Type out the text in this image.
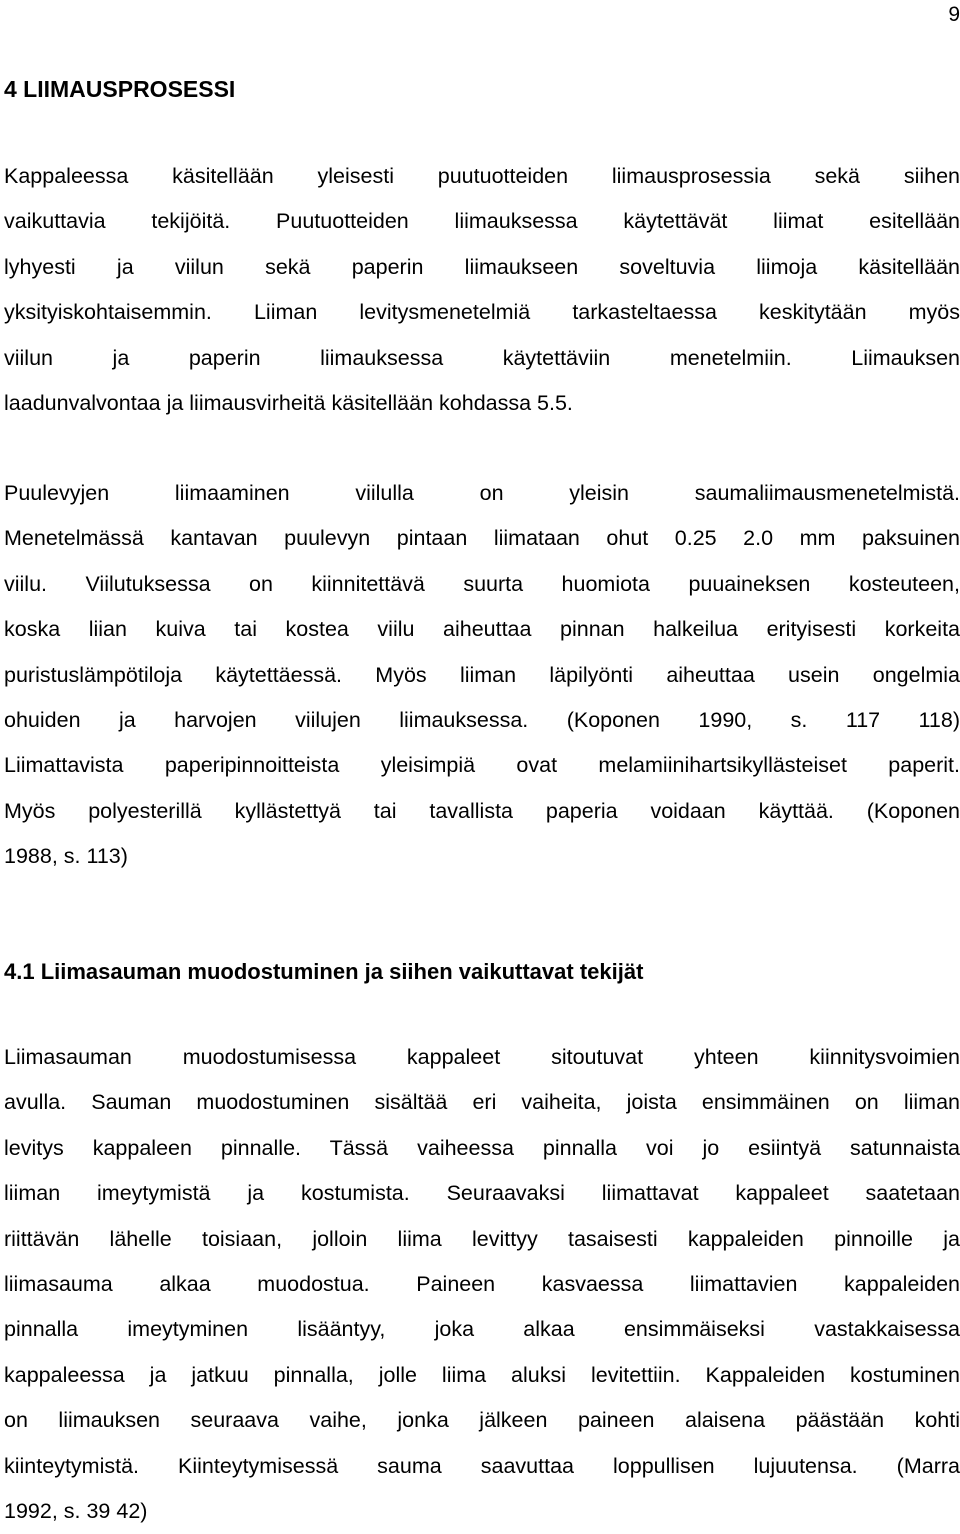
9
4 LIIMAUSPROSESSI

Kappaleessa käsitellään yleisesti puutuotteiden liimausprosessia sekä siihen
vaikuttavia tekijöitä. Puutuotteiden liimauksessa käytettävät liimat esitellään
lyhyesti ja viilun sekä paperin liimaukseen soveltuvia liimoja käsitellään
yksityiskohtaisemmin. Liiman levitysmenetelmiä tarkasteltaessa keskitytään myös
viilun ja paperin liimauksessa käytettäviin menetelmiin. Liimauksen
laadunvalvontaa ja liimausvirheitä käsitellään kohdassa 5.5.

Puulevyjen liimaaminen viilulla on yleisin saumaliimausmenetelmistä.
Menetelmässä kantavan puulevyn pintaan liimataan ohut 0.25 2.0 mm paksuinen
viilu. Viilutuksessa on kiinnitettävä suurta huomiota puuaineksen kosteuteen,
koska liian kuiva tai kostea viilu aiheuttaa pinnan halkeilua erityisesti korkeita
puristuslämpötiloja käytettäessä. Myös liiman läpilyönti aiheuttaa usein ongelmia
ohuiden ja harvojen viilujen liimauksessa. (Koponen 1990, s. 117 118)
Liimattavista paperipinnoitteista yleisimpiä ovat melamiinihartsikyllästeiset paperit.
Myös polyesterillä kyllästettyä tai tavallista paperia voidaan käyttää. (Koponen
1988, s. 113)

4.1 Liimasauman muodostuminen ja siihen vaikuttavat tekijät

Liimasauman muodostumisessa kappaleet sitoutuvat yhteen kiinnitysvoimien
avulla. Sauman muodostuminen sisältää eri vaiheita, joista ensimmäinen on liiman
levitys kappaleen pinnalle. Tässä vaiheessa pinnalla voi jo esiintyä satunnaista
liiman imeytymistä ja kostumista. Seuraavaksi liimattavat kappaleet saatetaan
riittävän lähelle toisiaan, jolloin liima levittyy tasaisesti kappaleiden pinnoille ja
liimasauma alkaa muodostua. Paineen kasvaessa liimattavien kappaleiden
pinnalla imeytyminen lisääntyy, joka alkaa ensimmäiseksi vastakkaisessa
kappaleessa ja jatkuu pinnalla, jolle liima aluksi levitettiin. Kappaleiden kostuminen
on liimauksen seuraava vaihe, jonka jälkeen paineen alaisena päästään kohti
kiinteytymistä. Kiinteytymisessä sauma saavuttaa loppullisen lujuutensa. (Marra
1992, s. 39 42)
